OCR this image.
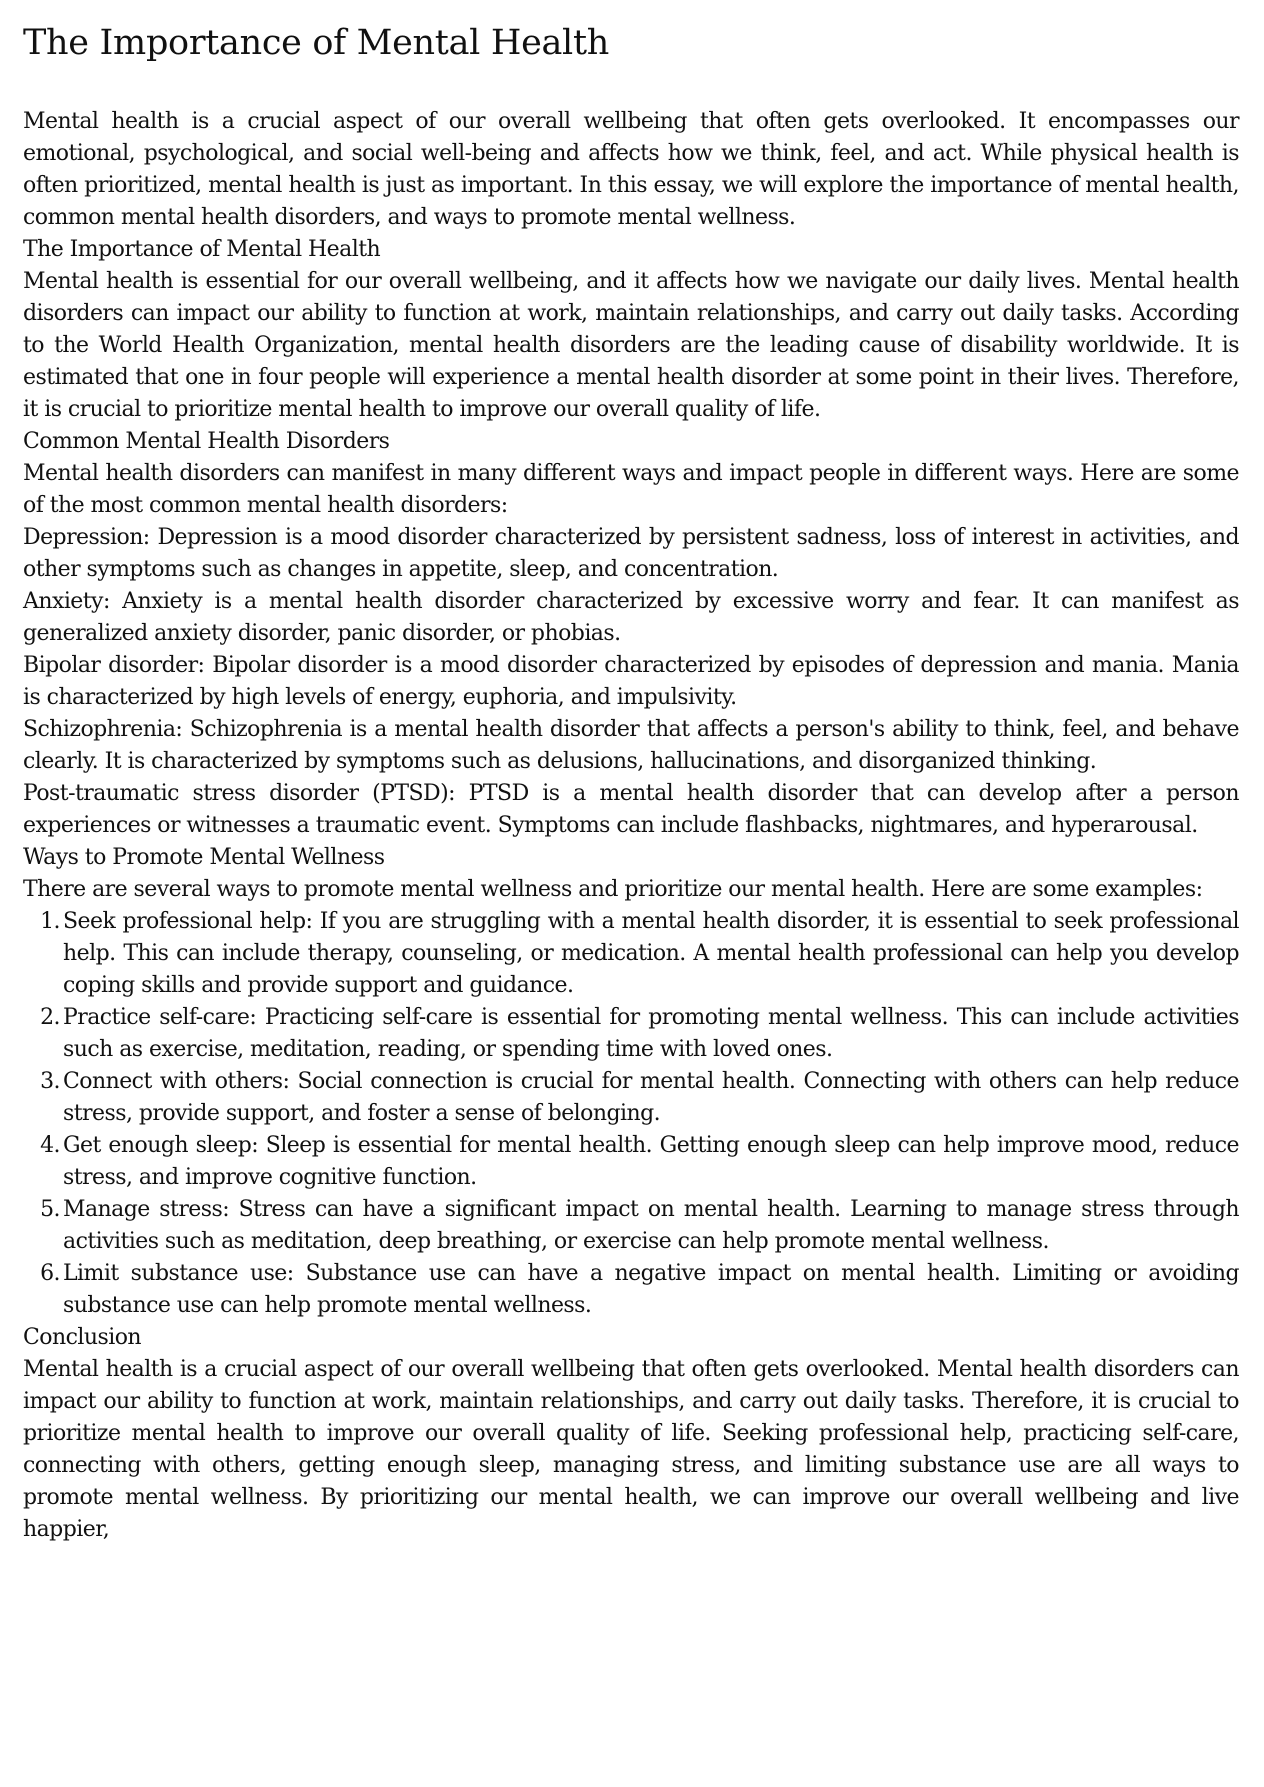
The Importance of Mental Health

Mental health is a crucial aspect of our overall wellbeing that often gets overlooked. It encompasses our emotional, psychological, and social well-being and affects how we think, feel, and act. While physical health is often prioritized, mental health is just as important. In this essay, we will explore the importance of mental health, common mental health disorders, and ways to promote mental wellness.

The Importance of Mental Health

Mental health is essential for our overall wellbeing, and it affects how we navigate our daily lives. Mental health disorders can impact our ability to function at work, maintain relationships, and carry out daily tasks. According to the World Health Organization, mental health disorders are the leading cause of disability worldwide. It is estimated that one in four people will experience a mental health disorder at some point in their lives. Therefore, it is crucial to prioritize mental health to improve our overall quality of life.

Common Mental Health Disorders

Mental health disorders can manifest in many different ways and impact people in different ways. Here are some of the most common mental health disorders:

Depression: Depression is a mood disorder characterized by persistent sadness, loss of interest in activities, and other symptoms such as changes in appetite, sleep, and concentration.

Anxiety: Anxiety is a mental health disorder characterized by excessive worry and fear. It can manifest as generalized anxiety disorder, panic disorder, or phobias.

Bipolar disorder: Bipolar disorder is a mood disorder characterized by episodes of depression and mania. Mania is characterized by high levels of energy, euphoria, and impulsivity.

Schizophrenia: Schizophrenia is a mental health disorder that affects a person's ability to think, feel, and behave clearly. It is characterized by symptoms such as delusions, hallucinations, and disorganized thinking.

Post-traumatic stress disorder (PTSD): PTSD is a mental health disorder that can develop after a person experiences or witnesses a traumatic event. Symptoms can include flashbacks, nightmares, and hyperarousal.

Ways to Promote Mental Wellness

There are several ways to promote mental wellness and prioritize our mental health. Here are some examples:

1. Seek professional help: If you are struggling with a mental health disorder, it is essential to seek professional help. This can include therapy, counseling, or medication. A mental health professional can help you develop coping skills and provide support and guidance.
2. Practice self-care: Practicing self-care is essential for promoting mental wellness. This can include activities such as exercise, meditation, reading, or spending time with loved ones.
3. Connect with others: Social connection is crucial for mental health. Connecting with others can help reduce stress, provide support, and foster a sense of belonging.
4. Get enough sleep: Sleep is essential for mental health. Getting enough sleep can help improve mood, reduce stress, and improve cognitive function.
5. Manage stress: Stress can have a significant impact on mental health. Learning to manage stress through activities such as meditation, deep breathing, or exercise can help promote mental wellness.
6. Limit substance use: Substance use can have a negative impact on mental health. Limiting or avoiding substance use can help promote mental wellness.

Conclusion

Mental health is a crucial aspect of our overall wellbeing that often gets overlooked. Mental health disorders can impact our ability to function at work, maintain relationships, and carry out daily tasks. Therefore, it is crucial to prioritize mental health to improve our overall quality of life. Seeking professional help, practicing self-care, connecting with others, getting enough sleep, managing stress, and limiting substance use are all ways to promote mental wellness. By prioritizing our mental health, we can improve our overall wellbeing and live happier,
